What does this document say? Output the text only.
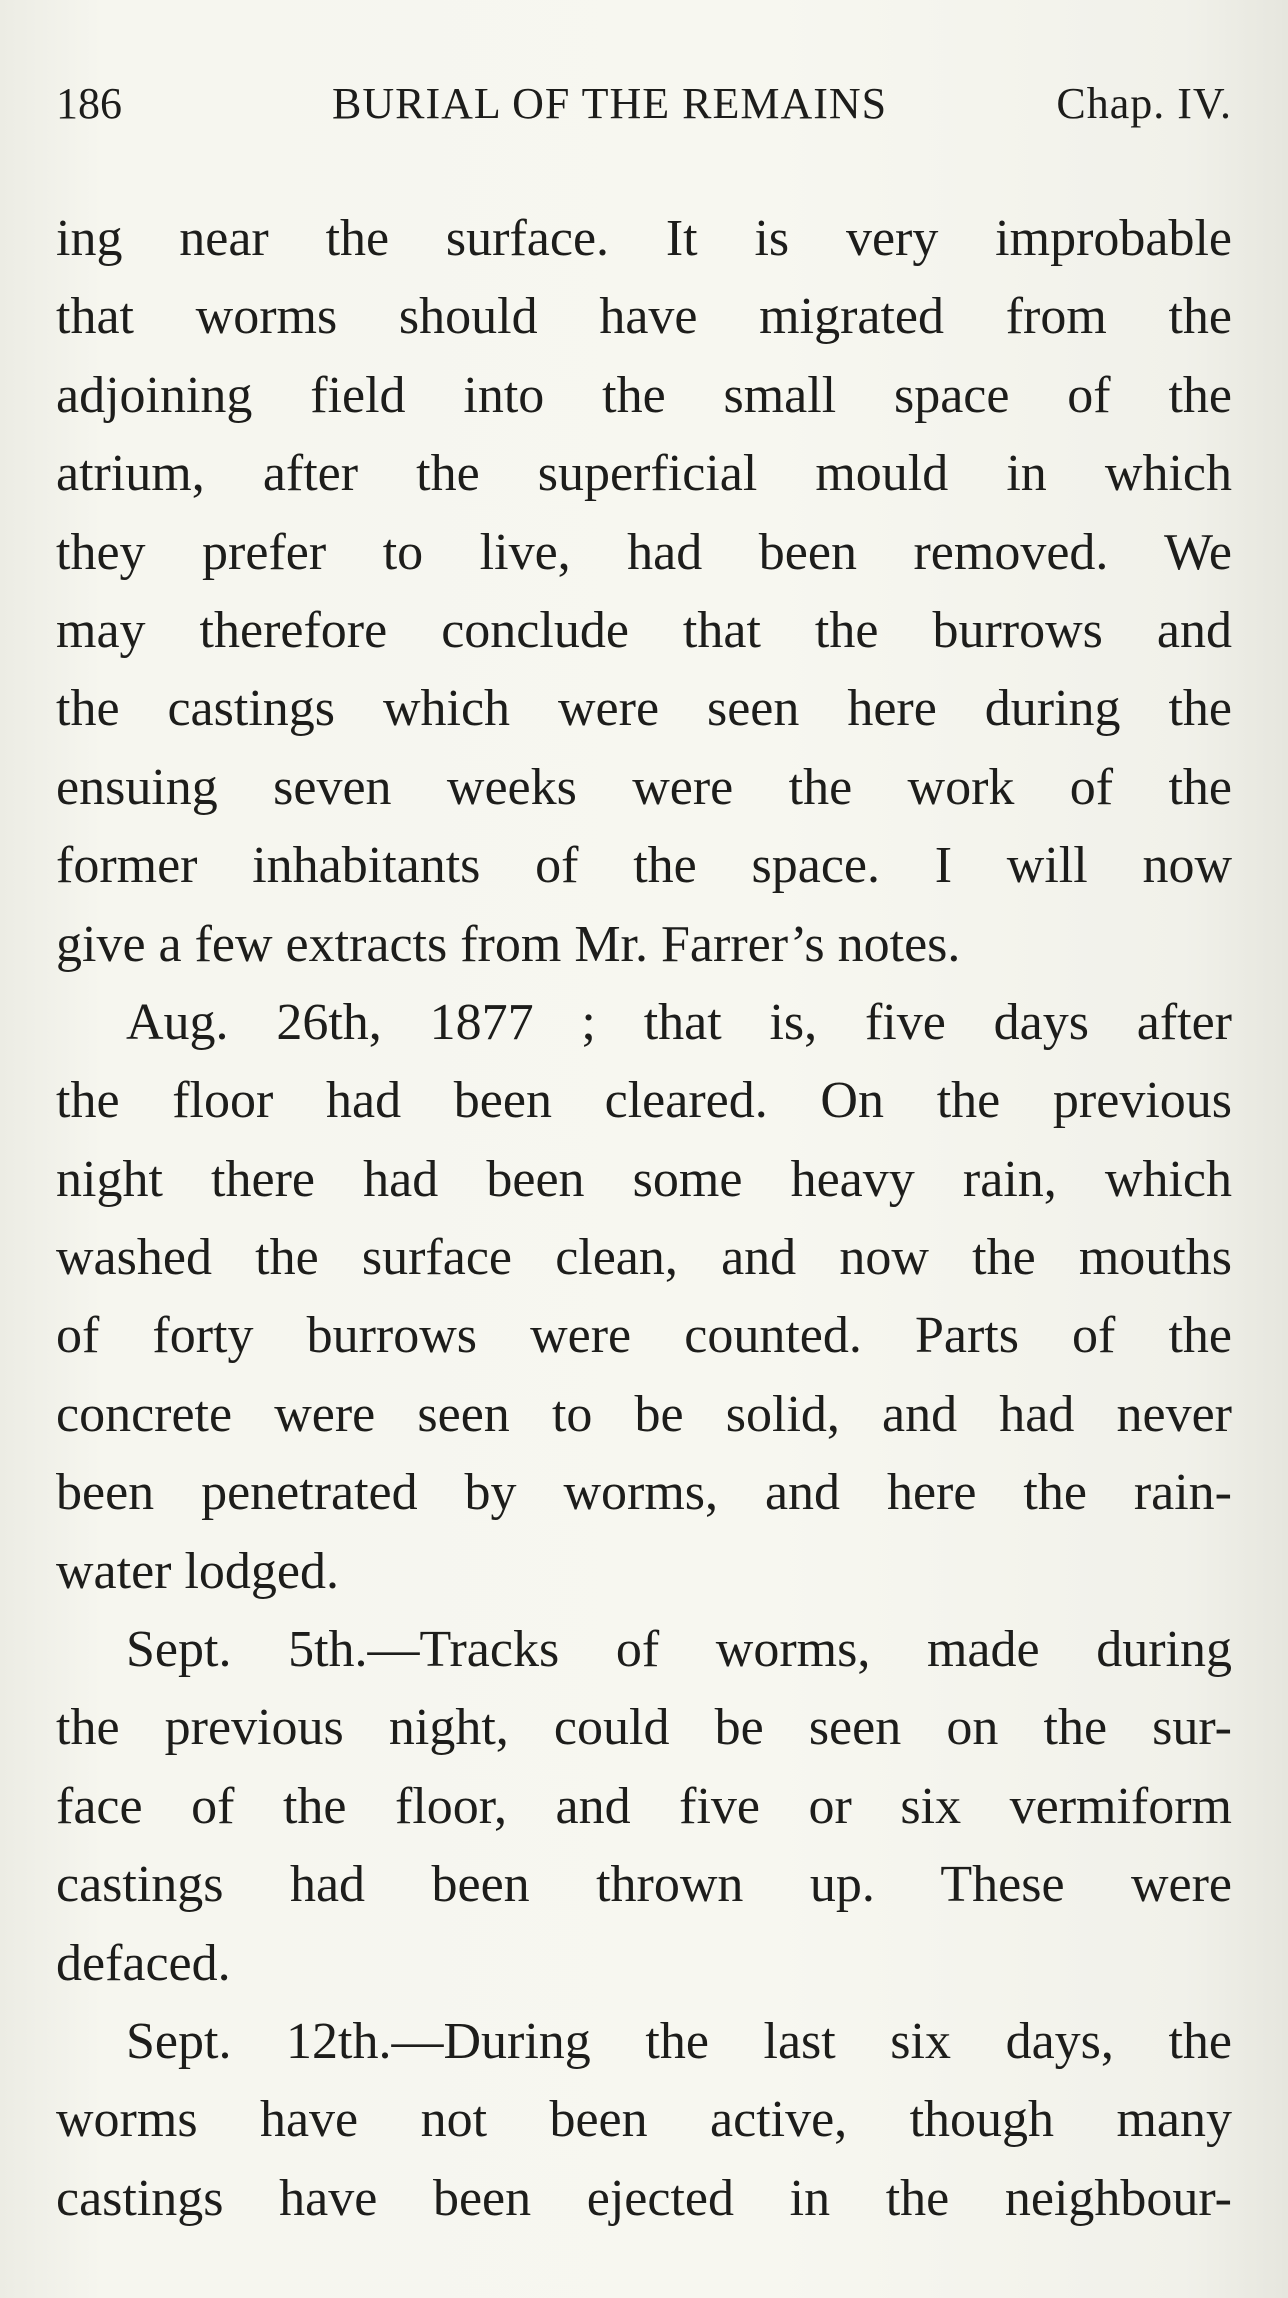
186	BURIAL OF THE REMAINS	Chap. IV.
ing near the surface. It is very improbable
that worms should have migrated from the
adjoining field into the small space of the
atrium, after the superficial mould in which
they prefer to live, had been removed. We
may therefore conclude that the burrows and
the castings which were seen here during the
ensuing seven weeks were the work of the
former inhabitants of the space. I will now
give a few extracts from Mr. Farrer’s notes.
Aug. 26th, 1877 ; that is, five days after
the floor had been cleared. On the previous
night there had been some heavy rain, which
washed the surface clean, and now the mouths
of forty burrows were counted. Parts of the
concrete were seen to be solid, and had never
been penetrated by worms, and here the rain-
water lodged.
Sept. 5th.—Tracks of worms, made during
the previous night, could be seen on the sur-
face of the floor, and five or six vermiform
castings had been thrown up. These were
defaced.
Sept. 12th.—During the last six days, the
worms have not been active, though many
castings have been ejected in the neighbour-
